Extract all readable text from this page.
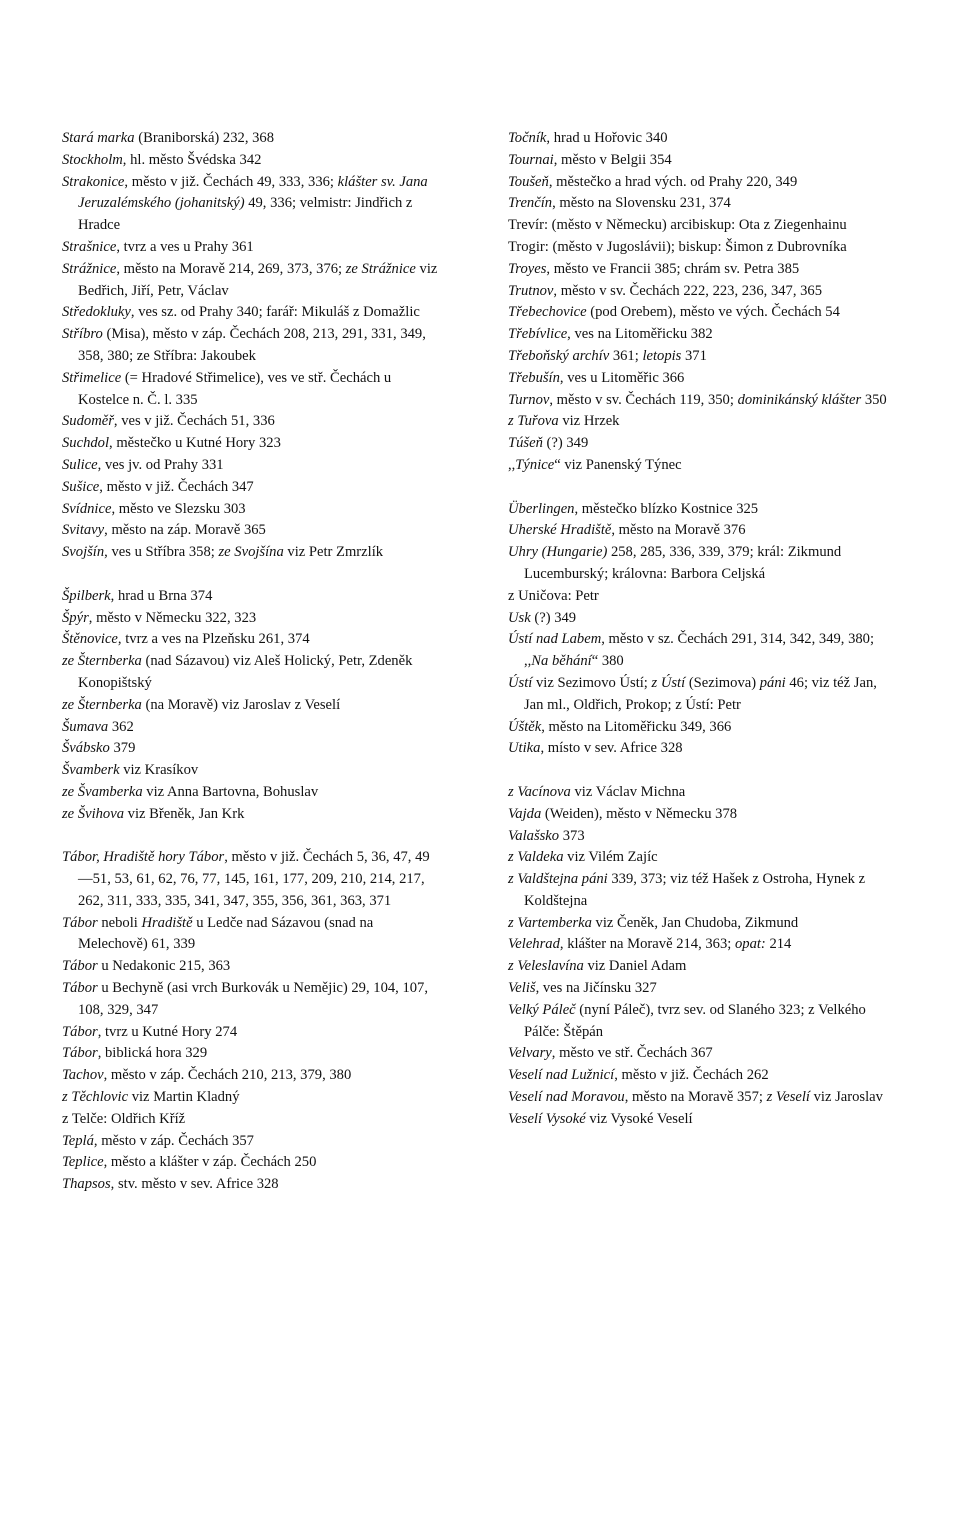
Stará marka (Braniborská) 232, 368
Stockholm, hl. město Švédska 342
Strakonice, město v již. Čechách 49, 333, 336; klášter sv. Jana Jeruzalémského (johanitský) 49, 336; velmistr: Jindřich z Hradce
Strašnice, tvrz a ves u Prahy 361
Strážnice, město na Moravě 214, 269, 373, 376; ze Strážnice viz Bedřich, Jiří, Petr, Václav
Středokluky, ves sz. od Prahy 340; farář: Mikuláš z Domažlic
Stříbro (Misa), město v záp. Čechách 208, 213, 291, 331, 349, 358, 380; ze Stříbra: Jakoubek
Střimelice (= Hradové Střimelice), ves ve stř. Čechách u Kostelce n. Č. l. 335
Sudoměř, ves v již. Čechách 51, 336
Suchdol, městečko u Kutné Hory 323
Sulice, ves jv. od Prahy 331
Sušice, město v již. Čechách 347
Svídnice, město ve Slezsku 303
Svitavy, město na záp. Moravě 365
Svojšín, ves u Stříbra 358; ze Svojšína viz Petr Zmrzlík
Špilberk, hrad u Brna 374
Špýr, město v Německu 322, 323
Štěnovice, tvrz a ves na Plzeňsku 261, 374
ze Šternberka (nad Sázavou) viz Aleš Holický, Petr, Zdeněk Konopištský
ze Šternberka (na Moravě) viz Jaroslav z Veselí
Šumava 362
Švábsko 379
Švamberk viz Krasíkov
ze Švamberka viz Anna Bartovna, Bohuslav
ze Švihova viz Břeněk, Jan Krk
Tábor, Hradiště hory Tábor, město v již. Čechách 5, 36, 47, 49—51, 53, 61, 62, 76, 77, 145, 161, 177, 209, 210, 214, 217, 262, 311, 333, 335, 341, 347, 355, 356, 361, 363, 371
Tábor neboli Hradiště u Ledče nad Sázavou (snad na Melechově) 61, 339
Tábor u Nedakonic 215, 363
Tábor u Bechyně (asi vrch Burkovák u Nemějic) 29, 104, 107, 108, 329, 347
Tábor, tvrz u Kutné Hory 274
Tábor, biblická hora 329
Tachov, město v záp. Čechách 210, 213, 379, 380
z Těchlovic viz Martin Kladný
z Telče: Oldřich Kříž
Teplá, město v záp. Čechách 357
Teplice, město a klášter v záp. Čechách 250
Thapsos, stv. město v sev. Africe 328
Točník, hrad u Hořovic 340
Tournai, město v Belgii 354
Toušeň, městečko a hrad vých. od Prahy 220, 349
Trenčín, město na Slovensku 231, 374
Trevír: (město v Německu) arcibiskup: Ota z Ziegenhainu
Trogir: (město v Jugoslávii); biskup: Šimon z Dubrovníka
Troyes, město ve Francii 385; chrám sv. Petra 385
Trutnov, město v sv. Čechách 222, 223, 236, 347, 365
Třebechovice (pod Orebem), město ve vých. Čechách 54
Třebívlice, ves na Litoměřicku 382
Třeboňský archív 361; letopis 371
Třebušín, ves u Litoměřic 366
Turnov, město v sv. Čechách 119, 350; dominikánský klášter 350
z Tuřova viz Hrzek
Túšeň (?) 349
,,Týnice“ viz Panenský Týnec
Überlingen, městečko blízko Kostnice 325
Uherské Hradiště, město na Moravě 376
Uhry (Hungarie) 258, 285, 336, 339, 379; král: Zikmund Lucemburský; královna: Barbora Celjská
z Uničova: Petr
Usk (?) 349
Ústí nad Labem, město v sz. Čechách 291, 314, 342, 349, 380; ,,Na běhání“ 380
Ústí viz Sezimovo Ústí; z Ústí (Sezimova) páni 46; viz též Jan, Jan ml., Oldřich, Prokop; z Ústí: Petr
Úštěk, město na Litoměřicku 349, 366
Utika, místo v sev. Africe 328
z Vacínova viz Václav Michna
Vajda (Weiden), město v Německu 378
Valašsko 373
z Valdeka viz Vilém Zajíc
z Valdštejna páni 339, 373; viz též Hašek z Ostroha, Hynek z Koldštejna
z Vartemberka viz Čeněk, Jan Chudoba, Zikmund
Velehrad, klášter na Moravě 214, 363; opat: 214
z Veleslavína viz Daniel Adam
Veliš, ves na Jičínsku 327
Velký Páleč (nyní Páleč), tvrz sev. od Slaného 323; z Velkého Pálče: Štěpán
Velvary, město ve stř. Čechách 367
Veselí nad Lužnicí, město v již. Čechách 262
Veselí nad Moravou, město na Moravě 357; z Veselí viz Jaroslav
Veselí Vysoké viz Vysoké Veselí
